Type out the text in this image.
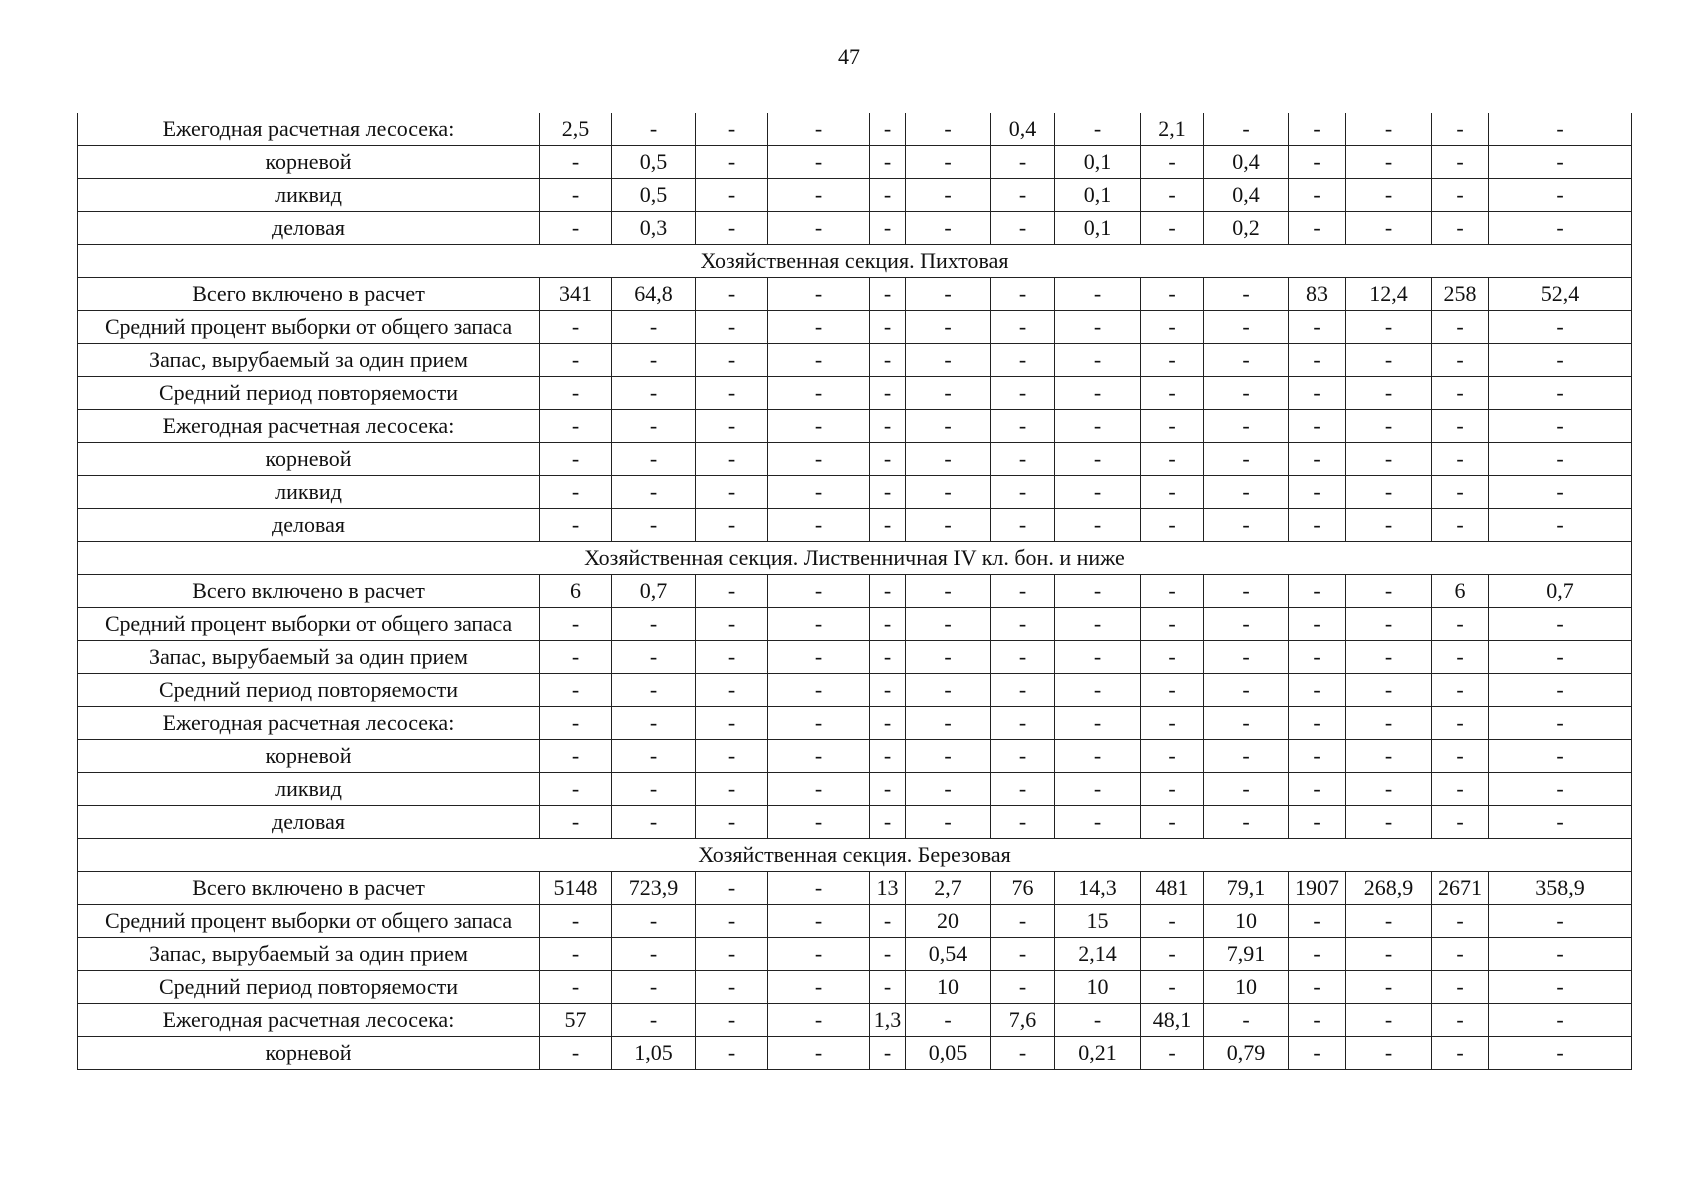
47
Ежегодная расчетная лесосека:	2,5	-	-	-	-	-	0,4	-	2,1	-	-	-	-	-
корневой	-	0,5	-	-	-	-	-	0,1	-	0,4	-	-	-	-
ликвид	-	0,5	-	-	-	-	-	0,1	-	0,4	-	-	-	-
деловая	-	0,3	-	-	-	-	-	0,1	-	0,2	-	-	-	-
Хозяйственная секция. Пихтовая														
Всего включено в расчет	341	64,8	-	-	-	-	-	-	-	-	83	12,4	258	52,4
Средний процент выборки от общего запаса	-	-	-	-	-	-	-	-	-	-	-	-	-	-
Запас, вырубаемый за один прием	-	-	-	-	-	-	-	-	-	-	-	-	-	-
Средний период повторяемости	-	-	-	-	-	-	-	-	-	-	-	-	-	-
Ежегодная расчетная лесосека:	-	-	-	-	-	-	-	-	-	-	-	-	-	-
корневой	-	-	-	-	-	-	-	-	-	-	-	-	-	-
ликвид	-	-	-	-	-	-	-	-	-	-	-	-	-	-
деловая	-	-	-	-	-	-	-	-	-	-	-	-	-	-
Хозяйственная секция. Лиственничная IV кл. бон. и ниже														
Всего включено в расчет	6	0,7	-	-	-	-	-	-	-	-	-	-	6	0,7
Средний процент выборки от общего запаса	-	-	-	-	-	-	-	-	-	-	-	-	-	-
Запас, вырубаемый за один прием	-	-	-	-	-	-	-	-	-	-	-	-	-	-
Средний период повторяемости	-	-	-	-	-	-	-	-	-	-	-	-	-	-
Ежегодная расчетная лесосека:	-	-	-	-	-	-	-	-	-	-	-	-	-	-
корневой	-	-	-	-	-	-	-	-	-	-	-	-	-	-
ликвид	-	-	-	-	-	-	-	-	-	-	-	-	-	-
деловая	-	-	-	-	-	-	-	-	-	-	-	-	-	-
Хозяйственная секция. Березовая														
Всего включено в расчет	5148	723,9	-	-	13	2,7	76	14,3	481	79,1	1907	268,9	2671	358,9
Средний процент выборки от общего запаса	-	-	-	-	-	20	-	15	-	10	-	-	-	-
Запас, вырубаемый за один прием	-	-	-	-	-	0,54	-	2,14	-	7,91	-	-	-	-
Средний период повторяемости	-	-	-	-	-	10	-	10	-	10	-	-	-	-
Ежегодная расчетная лесосека:	57	-	-	-	1,3	-	7,6	-	48,1	-	-	-	-	-
корневой	-	1,05	-	-	-	0,05	-	0,21	-	0,79	-	-	-	-
